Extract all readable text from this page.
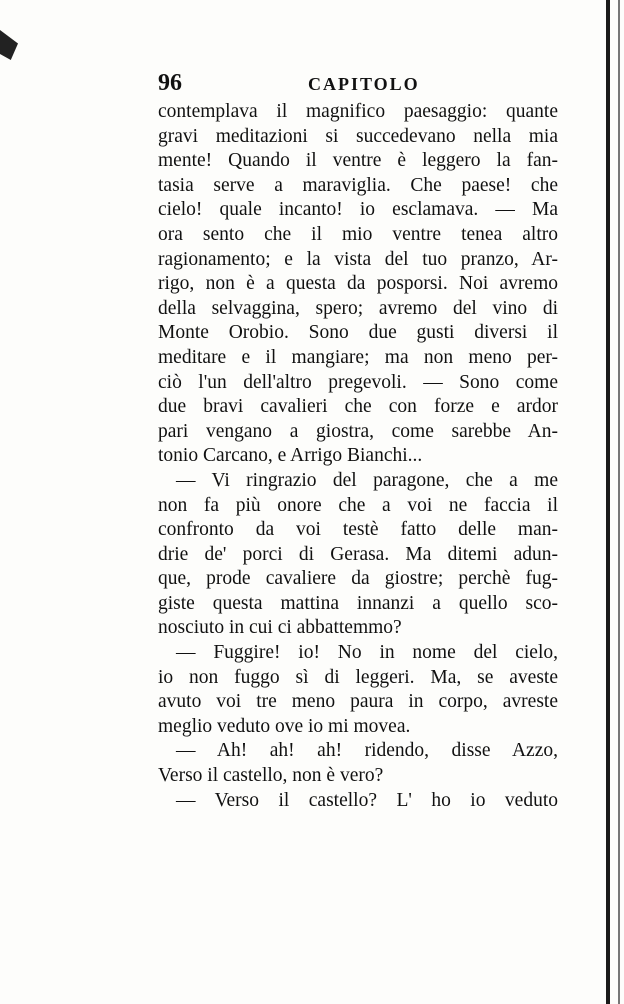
96	CAPITOLO
contemplava il magnifico paesaggio: quante
gravi meditazioni si succedevano nella mia
mente! Quando il ventre è leggero la fan-
tasia serve a maraviglia. Che paese! che
cielo! quale incanto! io esclamava. — Ma
ora sento che il mio ventre tenea altro
ragionamento; e la vista del tuo pranzo, Ar-
rigo, non è a questa da posporsi. Noi avremo
della selvaggina, spero; avremo del vino di
Monte Orobio. Sono due gusti diversi il
meditare e il mangiare; ma non meno per-
ciò l'un dell'altro pregevoli. — Sono come
due bravi cavalieri che con forze e ardor
pari vengano a giostra, come sarebbe An-
tonio Carcano, e Arrigo Bianchi...
— Vi ringrazio del paragone, che a me
non fa più onore che a voi ne faccia il
confronto da voi testè fatto delle man-
drie de' porci di Gerasa. Ma ditemi adun-
que, prode cavaliere da giostre; perchè fug-
giste questa mattina innanzi a quello sco-
nosciuto in cui ci abbattemmo?
— Fuggire! io! No in nome del cielo,
io non fuggo sì di leggeri. Ma, se aveste
avuto voi tre meno paura in corpo, avreste
meglio veduto ove io mi movea.
— Ah! ah! ah! ridendo, disse Azzo,
Verso il castello, non è vero?
— Verso il castello? L' ho io veduto
